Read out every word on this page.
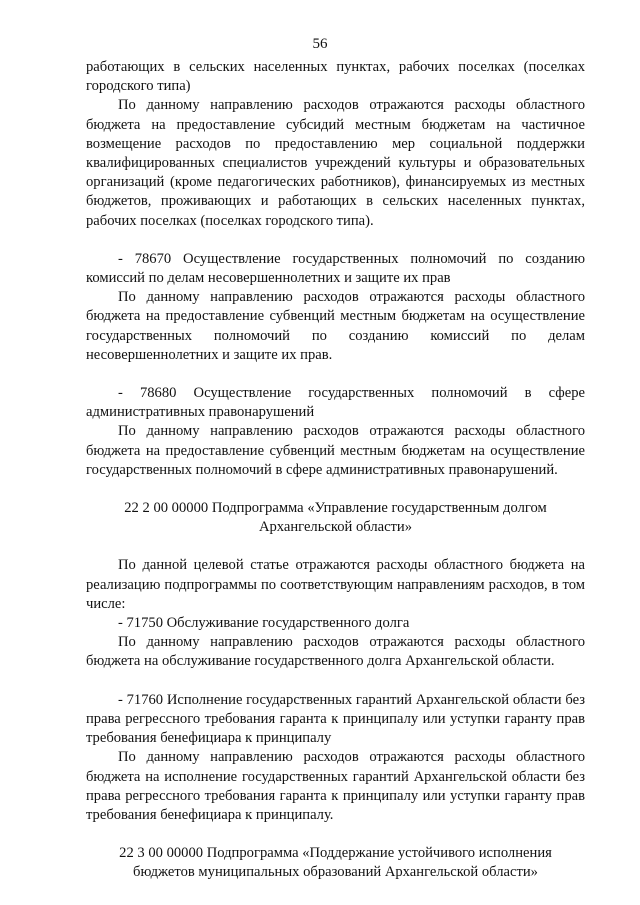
56

работающих в сельских населенных пунктах, рабочих поселках (поселках городского типа)

По данному направлению расходов отражаются расходы областного бюджета на предоставление субсидий местным бюджетам на частичное возмещение расходов по предоставлению мер социальной поддержки квалифицированных специалистов учреждений культуры и образовательных организаций (кроме педагогических работников), финансируемых из местных бюджетов, проживающих и работающих в сельских населенных пунктах, рабочих поселках (поселках городского типа).

- 78670 Осуществление государственных полномочий по созданию комиссий по делам несовершеннолетних и защите их прав

По данному направлению расходов отражаются расходы областного бюджета на предоставление субвенций местным бюджетам на осуществление государственных полномочий по созданию комиссий по делам несовершеннолетних и защите их прав.

- 78680 Осуществление государственных полномочий в сфере административных правонарушений

По данному направлению расходов отражаются расходы областного бюджета на предоставление субвенций местным бюджетам на осуществление государственных полномочий в сфере административных правонарушений.

22 2 00 00000 Подпрограмма «Управление государственным долгом Архангельской области»

По данной целевой статье отражаются расходы областного бюджета на реализацию подпрограммы по соответствующим направлениям расходов, в том числе:

- 71750 Обслуживание государственного долга

По данному направлению расходов отражаются расходы областного бюджета на обслуживание государственного долга Архангельской области.

- 71760 Исполнение государственных гарантий Архангельской области без права регрессного требования гаранта к принципалу или уступки гаранту прав требования бенефициара к принципалу

По данному направлению расходов отражаются расходы областного бюджета на исполнение государственных гарантий Архангельской области без права регрессного требования гаранта к принципалу или уступки гаранту прав требования бенефициара к принципалу.

22 3 00 00000 Подпрограмма «Поддержание устойчивого исполнения бюджетов муниципальных образований Архангельской области»
